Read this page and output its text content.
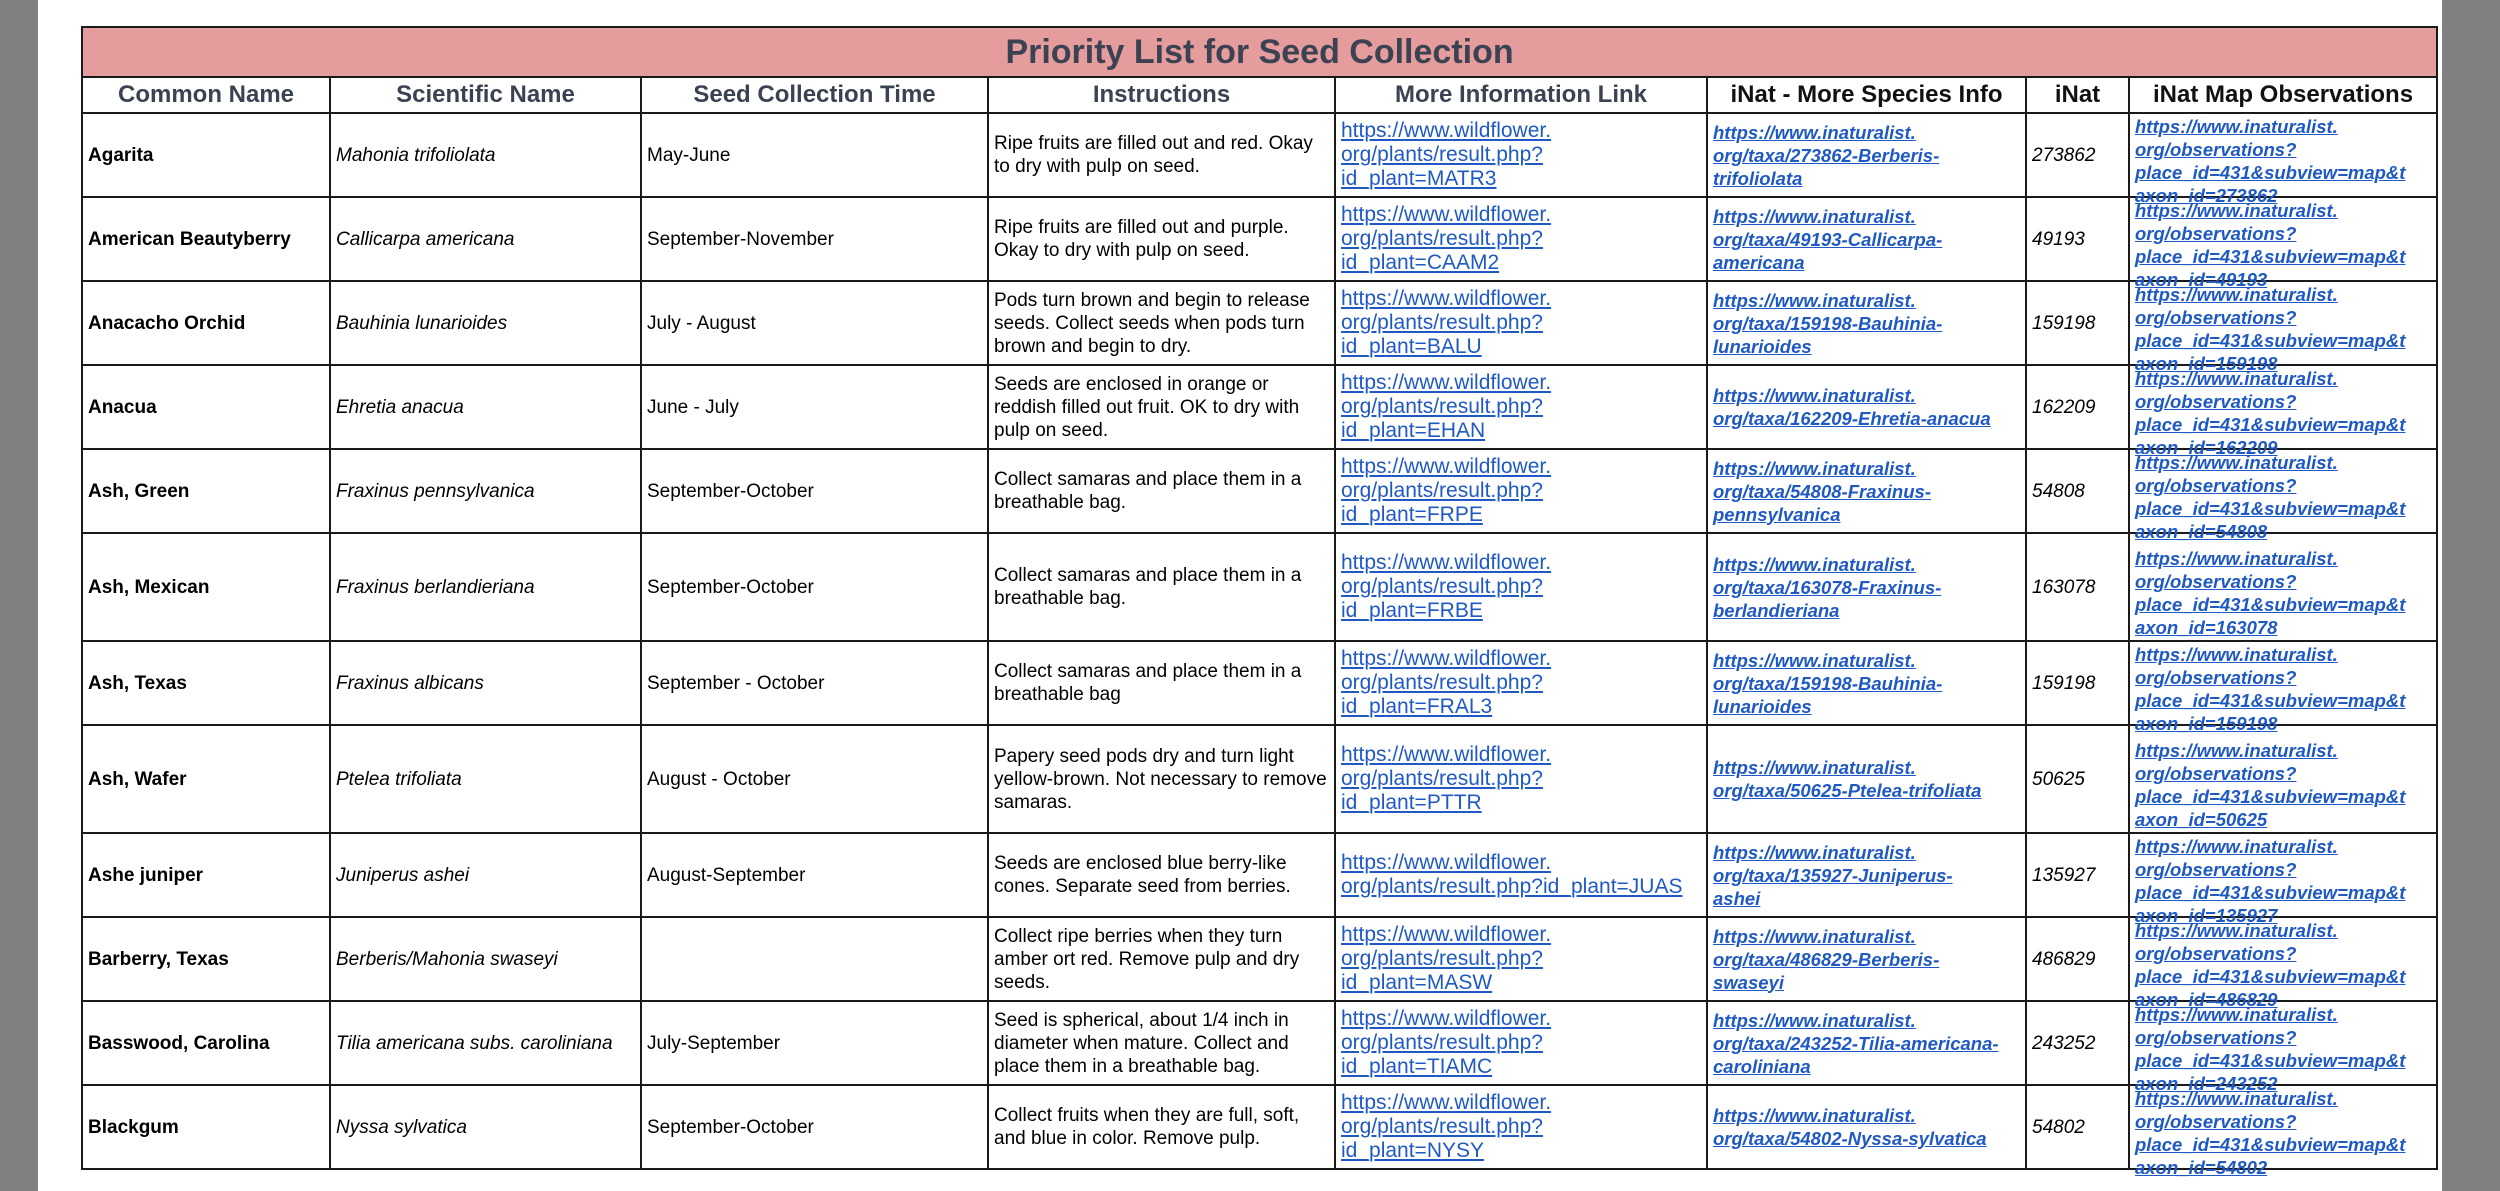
Priority List for Seed Collection							
Common Name	Scientific Name	Seed Collection Time	Instructions	More Information Link	iNat - More Species Info	iNat	iNat Map Observations
Agarita	Mahonia trifoliolata	May-June	Ripe fruits are filled out and red. Okay to dry with pulp on seed.	https://www.wildflower.
org/plants/result.php?
id_plant=MATR3	https://www.inaturalist.
org/taxa/273862-Berberis-
trifoliolata	273862	https://www.inaturalist.
org/observations?
place_id=431&subview=map&t
axon_id=273862

American Beautyberry	Callicarpa americana	September-November	Ripe fruits are filled out and purple. Okay to dry with pulp on seed.	https://www.wildflower.
org/plants/result.php?
id_plant=CAAM2	https://www.inaturalist.
org/taxa/49193-Callicarpa-
americana	49193	https://www.inaturalist.
org/observations?
place_id=431&subview=map&t
axon_id=49193

Anacacho Orchid	Bauhinia lunarioides	July - August	Pods turn brown and begin to release seeds. Collect seeds when pods turn brown and begin to dry.	https://www.wildflower.
org/plants/result.php?
id_plant=BALU	https://www.inaturalist.
org/taxa/159198-Bauhinia-
lunarioides	159198	https://www.inaturalist.
org/observations?
place_id=431&subview=map&t
axon_id=159198

Anacua	Ehretia anacua	June - July	Seeds are enclosed in orange or reddish filled out fruit. OK to dry with pulp on seed.	https://www.wildflower.
org/plants/result.php?
id_plant=EHAN	https://www.inaturalist.
org/taxa/162209-Ehretia-anacua	162209	https://www.inaturalist.
org/observations?
place_id=431&subview=map&t
axon_id=162209

Ash, Green	Fraxinus pennsylvanica	September-October	Collect samaras and place them in a breathable bag.	https://www.wildflower.
org/plants/result.php?
id_plant=FRPE	https://www.inaturalist.
org/taxa/54808-Fraxinus-
pennsylvanica	54808	https://www.inaturalist.
org/observations?
place_id=431&subview=map&t
axon_id=54808

Ash, Mexican	Fraxinus berlandieriana	September-October	Collect samaras and place them in a breathable bag.	https://www.wildflower.
org/plants/result.php?
id_plant=FRBE	https://www.inaturalist.
org/taxa/163078-Fraxinus-
berlandieriana	163078	https://www.inaturalist.
org/observations?
place_id=431&subview=map&t
axon_id=163078

Ash, Texas	Fraxinus albicans	September - October	Collect samaras and place them in a breathable bag	https://www.wildflower.
org/plants/result.php?
id_plant=FRAL3	https://www.inaturalist.
org/taxa/159198-Bauhinia-
lunarioides	159198	https://www.inaturalist.
org/observations?
place_id=431&subview=map&t
axon_id=159198

Ash, Wafer	Ptelea trifoliata	August - October	Papery seed pods dry and turn light yellow-brown. Not necessary to remove samaras.	https://www.wildflower.
org/plants/result.php?
id_plant=PTTR	https://www.inaturalist.
org/taxa/50625-Ptelea-trifoliata	50625	https://www.inaturalist.
org/observations?
place_id=431&subview=map&t
axon_id=50625

Ashe juniper	Juniperus ashei	August-September	Seeds are enclosed blue berry-like cones. Separate seed from berries.	https://www.wildflower.
org/plants/result.php?id_plant=JUAS	https://www.inaturalist.
org/taxa/135927-Juniperus-
ashei	135927	https://www.inaturalist.
org/observations?
place_id=431&subview=map&t
axon_id=135927

Barberry, Texas	Berberis/Mahonia swaseyi		Collect ripe berries when they turn amber ort red. Remove pulp and dry seeds.	https://www.wildflower.
org/plants/result.php?
id_plant=MASW	https://www.inaturalist.
org/taxa/486829-Berberis-
swaseyi	486829	https://www.inaturalist.
org/observations?
place_id=431&subview=map&t
axon_id=486829

Basswood, Carolina	Tilia americana subs. caroliniana	July-September	Seed is spherical, about 1/4 inch in diameter when mature. Collect and place them in a breathable bag.	https://www.wildflower.
org/plants/result.php?
id_plant=TIAMC	https://www.inaturalist.
org/taxa/243252-Tilia-americana-
caroliniana	243252	https://www.inaturalist.
org/observations?
place_id=431&subview=map&t
axon_id=243252

Blackgum	Nyssa sylvatica	September-October	Collect fruits when they are full, soft, and blue in color. Remove pulp.	https://www.wildflower.
org/plants/result.php?
id_plant=NYSY	https://www.inaturalist.
org/taxa/54802-Nyssa-sylvatica	54802	https://www.inaturalist.
org/observations?
place_id=431&subview=map&t
axon_id=54802
